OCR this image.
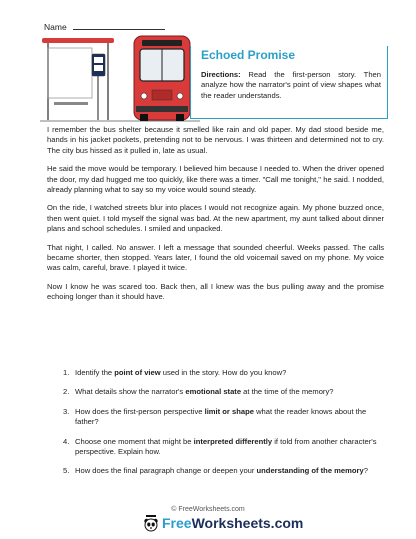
Name
Echoed Promise
Directions: Read the first-person story. Then analyze how the narrator's point of view shapes what the reader understands.

I remember the bus shelter because it smelled like rain and old paper. My dad stood beside me, hands in his jacket pockets, pretending not to be nervous. I was thirteen and determined not to cry. The city bus hissed as it pulled in, late as usual.

He said the move would be temporary. I believed him because I needed to. When the driver opened the door, my dad hugged me too quickly, like there was a timer. "Call me tonight," he said. I nodded, already planning what to say so my voice would sound steady.

On the ride, I watched streets blur into places I would not recognize again. My phone buzzed once, then went quiet. I told myself the signal was bad. At the new apartment, my aunt talked about dinner plans and school schedules. I smiled and unpacked.

That night, I called. No answer. I left a message that sounded cheerful. Weeks passed. The calls became shorter, then stopped. Years later, I found the old voicemail saved on my phone. My voice was calm, careful, brave. I played it twice.

Now I know he was scared too. Back then, all I knew was the bus pulling away and the promise echoing longer than it should have.

1. Identify the point of view used in the story. How do you know?
2. What details show the narrator's emotional state at the time of the memory?
3. How does the first-person perspective limit or shape what the reader knows about the father?
4. Choose one moment that might be interpreted differently if told from another character's perspective. Explain how.
5. How does the final paragraph change or deepen your understanding of the memory?
© FreeWorksheets.com
FreeWorksheets.com
